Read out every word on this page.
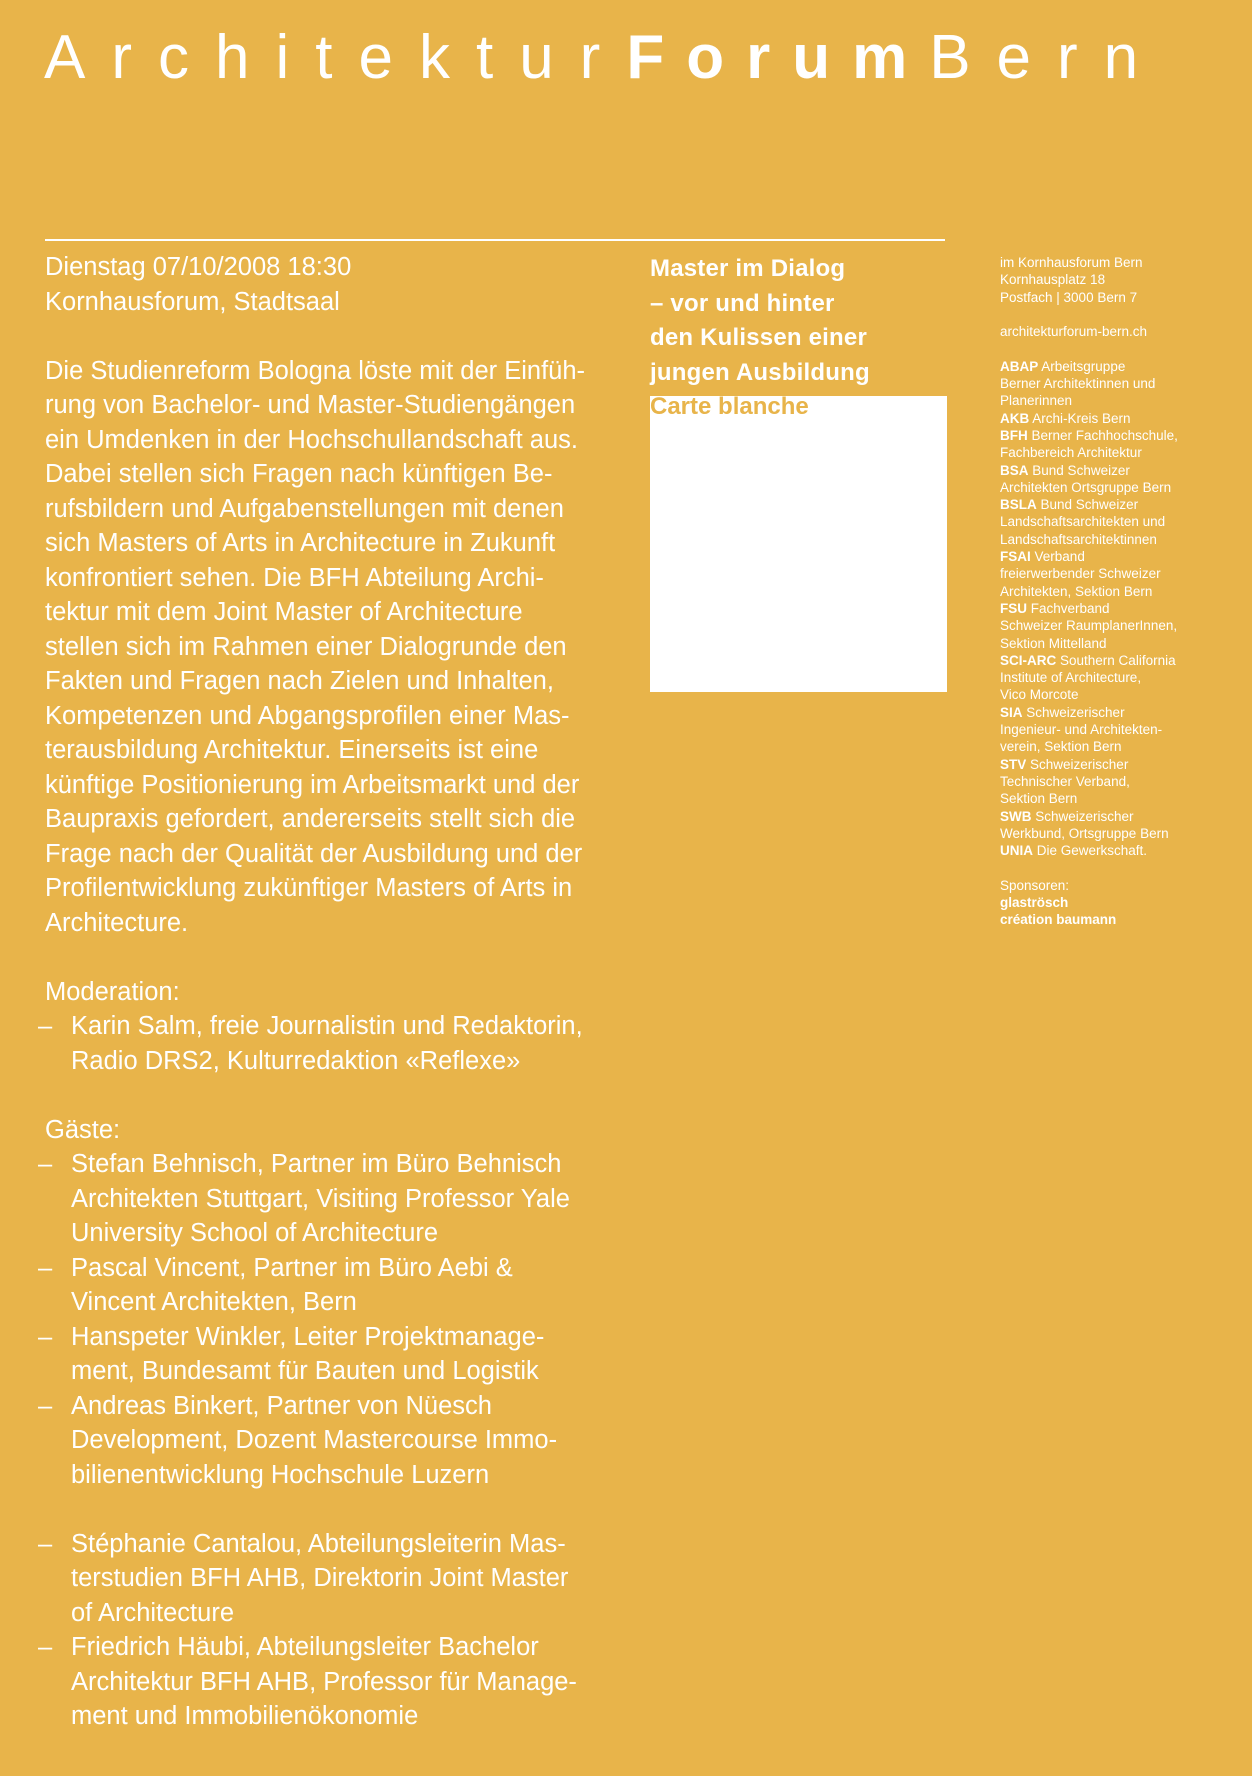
ArchitekturForumBern

Dienstag 07/10/2008 18:30

Kornhausforum, Stadtsaal

Die Studienreform Bologna löste mit der Einfüh-

rung von Bachelor- und Master-Studiengängen

ein Umdenken in der Hochschullandschaft aus.

Dabei stellen sich Fragen nach künftigen Be-

rufsbildern und Aufgabenstellungen mit denen

sich Masters of Arts in Architecture in Zukunft

konfrontiert sehen. Die BFH Abteilung Archi-

tektur mit dem Joint Master of Architecture

stellen sich im Rahmen einer Dialogrunde den

Fakten und Fragen nach Zielen und Inhalten,

Kompetenzen und Abgangsprofilen einer Mas-

terausbildung Architektur. Einerseits ist eine

künftige Positionierung im Arbeitsmarkt und der

Baupraxis gefordert, andererseits stellt sich die

Frage nach der Qualität der Ausbildung und der

Profilentwicklung zukünftiger Masters of Arts in

Architecture.

Moderation:

– Karin Salm, freie Journalistin und Redaktorin,
Radio DRS2, Kulturredaktion «Reflexe»

Gäste:

– Stefan Behnisch, Partner im Büro Behnisch
Architekten Stuttgart, Visiting Professor Yale
University School of Architecture
– Pascal Vincent, Partner im Büro Aebi &
Vincent Architekten, Bern
– Hanspeter Winkler, Leiter Projektmanage-
ment, Bundesamt für Bauten und Logistik
– Andreas Binkert, Partner von Nüesch
Development, Dozent Mastercourse Immo-
bilienentwicklung Hochschule Luzern
– Stéphanie Cantalou, Abteilungsleiterin Mas-
terstudien BFH AHB, Direktorin Joint Master
of Architecture
– Friedrich Häubi, Abteilungsleiter Bachelor
Architektur BFH AHB, Professor für Manage-
ment und Immobilienökonomie

Master im Dialog

– vor und hinter

den Kulissen einer

jungen Ausbildung

Carte blanche

im Kornhausforum Bern

Kornhausplatz 18

Postfach | 3000 Bern 7

architekturforum-bern.ch

ABAP Arbeitsgruppe

Berner Architektinnen und

Planerinnen

AKB Archi-Kreis Bern

BFH Berner Fachhochschule,

Fachbereich Architektur

BSA Bund Schweizer

Architekten Ortsgruppe Bern

BSLA Bund Schweizer

Landschaftsarchitekten und

Landschaftsarchitektinnen

FSAI Verband

freierwerbender Schweizer

Architekten, Sektion Bern

FSU Fachverband

Schweizer RaumplanerInnen,

Sektion Mittelland

SCI-ARC Southern California

Institute of Architecture,

Vico Morcote

SIA Schweizerischer

Ingenieur- und Architekten-

verein, Sektion Bern

STV Schweizerischer

Technischer Verband,

Sektion Bern

SWB Schweizerischer

Werkbund, Ortsgruppe Bern

UNIA Die Gewerkschaft.

Sponsoren:

glaströsch

création baumann
